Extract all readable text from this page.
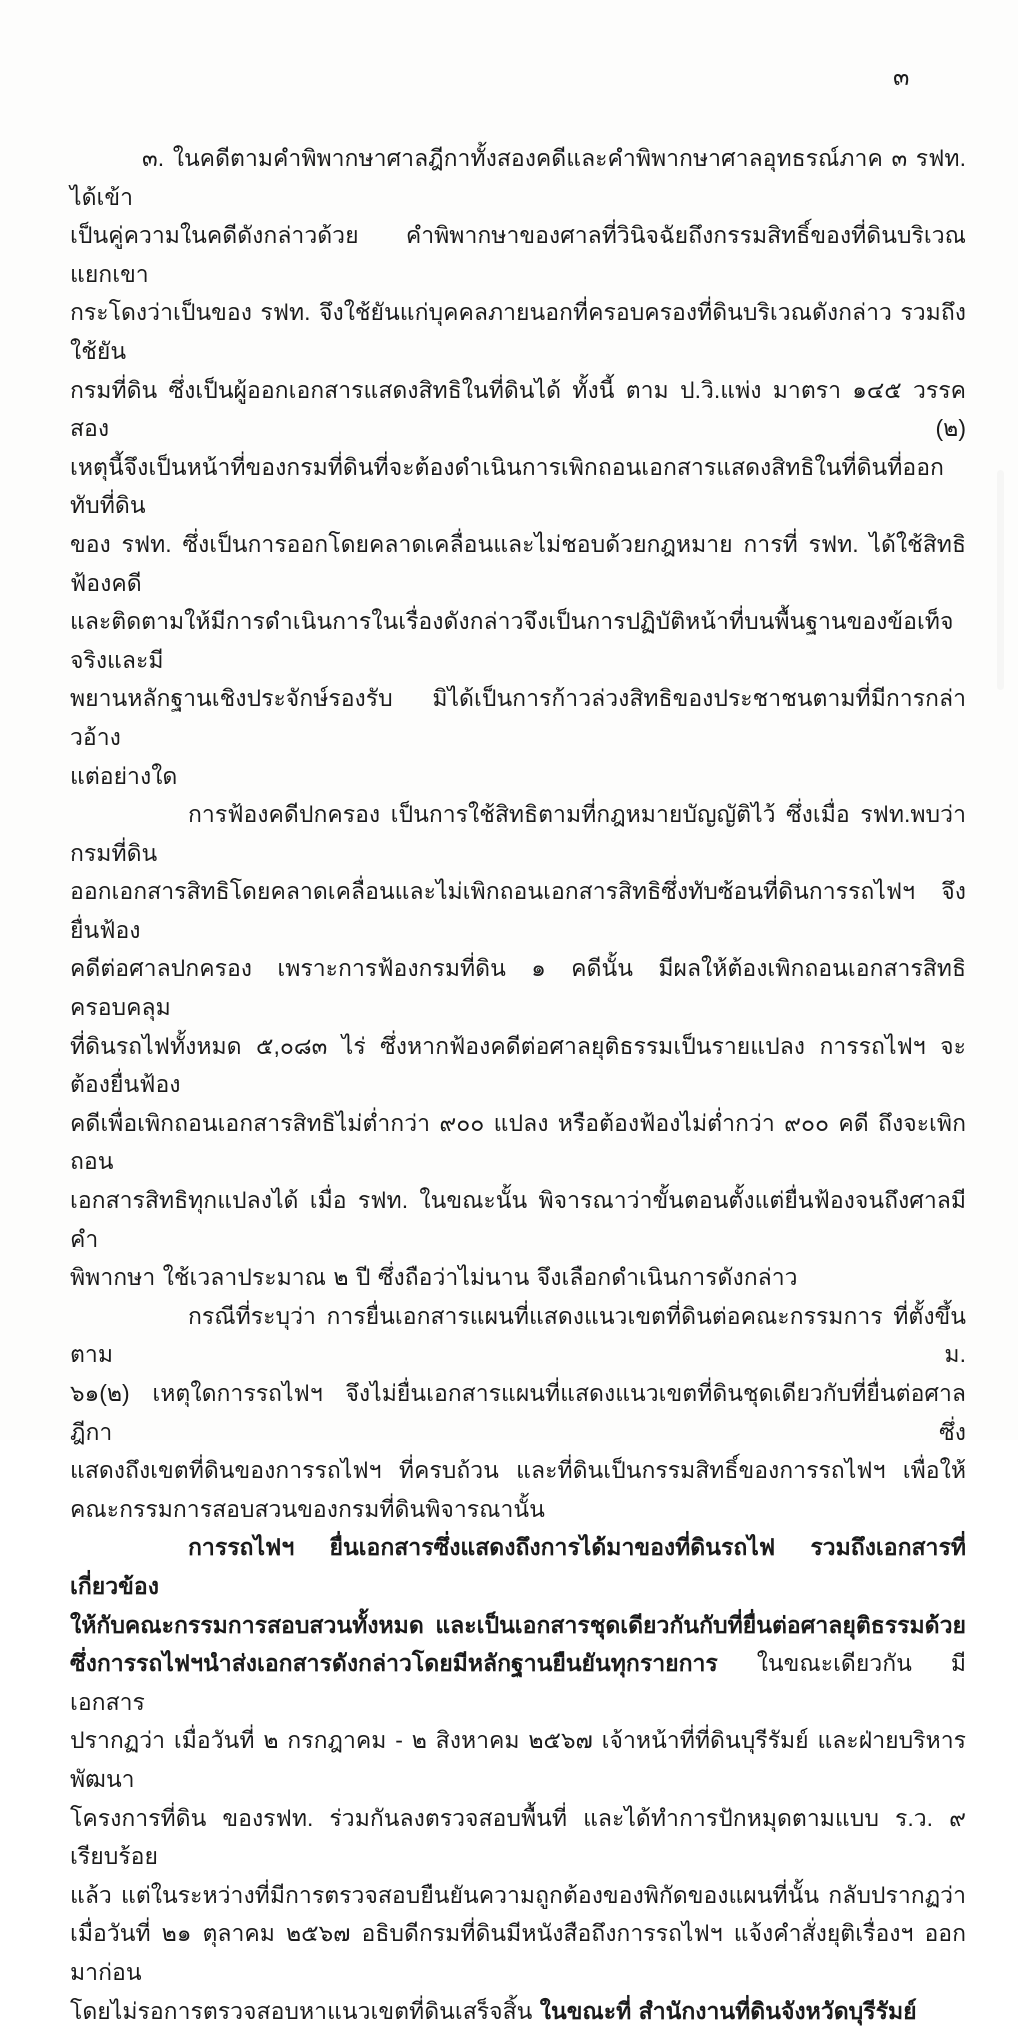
๓
๓. ในคดีตามคำพิพากษาศาลฎีกาทั้งสองคดีและคำพิพากษาศาลอุทธรณ์ภาค ๓ รฟท. ได้เข้า
เป็นคู่ความในคดีดังกล่าวด้วย คำพิพากษาของศาลที่วินิจฉัยถึงกรรมสิทธิ์ของที่ดินบริเวณแยกเขา
กระโดงว่าเป็นของ รฟท. จึงใช้ยันแก่บุคคลภายนอกที่ครอบครองที่ดินบริเวณดังกล่าว รวมถึงใช้ยัน
กรมที่ดิน ซึ่งเป็นผู้ออกเอกสารแสดงสิทธิในที่ดินได้ ทั้งนี้ ตาม ป.วิ.แพ่ง มาตรา ๑๔๕ วรรคสอง (๒)
เหตุนี้จึงเป็นหน้าที่ของกรมที่ดินที่จะต้องดำเนินการเพิกถอนเอกสารแสดงสิทธิในที่ดินที่ออกทับที่ดิน
ของ รฟท. ซึ่งเป็นการออกโดยคลาดเคลื่อนและไม่ชอบด้วยกฎหมาย การที่ รฟท. ได้ใช้สิทธิฟ้องคดี
และติดตามให้มีการดำเนินการในเรื่องดังกล่าวจึงเป็นการปฏิบัติหน้าที่บนพื้นฐานของข้อเท็จจริงและมี
พยานหลักฐานเชิงประจักษ์รองรับ มิได้เป็นการก้าวล่วงสิทธิของประชาชนตามที่มีการกล่าวอ้าง
แต่อย่างใด
การฟ้องคดีปกครอง เป็นการใช้สิทธิตามที่กฎหมายบัญญัติไว้ ซึ่งเมื่อ รฟท.พบว่ากรมที่ดิน
ออกเอกสารสิทธิโดยคลาดเคลื่อนและไม่เพิกถอนเอกสารสิทธิซึ่งทับซ้อนที่ดินการรถไฟฯ จึงยื่นฟ้อง
คดีต่อศาลปกครอง เพราะการฟ้องกรมที่ดิน ๑ คดีนั้น มีผลให้ต้องเพิกถอนเอกสารสิทธิครอบคลุม
ที่ดินรถไฟทั้งหมด ๕,๐๘๓ ไร่ ซึ่งหากฟ้องคดีต่อศาลยุติธรรมเป็นรายแปลง การรถไฟฯ จะต้องยื่นฟ้อง
คดีเพื่อเพิกถอนเอกสารสิทธิไม่ต่ำกว่า ๙๐๐ แปลง หรือต้องฟ้องไม่ต่ำกว่า ๙๐๐ คดี ถึงจะเพิกถอน
เอกสารสิทธิทุกแปลงได้ เมื่อ รฟท. ในขณะนั้น พิจารณาว่าขั้นตอนตั้งแต่ยื่นฟ้องจนถึงศาลมีคำ
พิพากษา ใช้เวลาประมาณ ๒ ปี ซึ่งถือว่าไม่นาน จึงเลือกดำเนินการดังกล่าว
กรณีที่ระบุว่า การยื่นเอกสารแผนที่แสดงแนวเขตที่ดินต่อคณะกรรมการ ที่ตั้งขึ้นตาม ม.
๖๑(๒) เหตุใดการรถไฟฯ จึงไม่ยื่นเอกสารแผนที่แสดงแนวเขตที่ดินชุดเดียวกับที่ยื่นต่อศาลฎีกา ซึ่ง
แสดงถึงเขตที่ดินของการรถไฟฯ ที่ครบถ้วน และที่ดินเป็นกรรมสิทธิ์ของการรถไฟฯ เพื่อให้
คณะกรรมการสอบสวนของกรมที่ดินพิจารณานั้น
การรถไฟฯ ยื่นเอกสารซึ่งแสดงถึงการได้มาของที่ดินรถไฟ รวมถึงเอกสารที่เกี่ยวข้อง
ให้กับคณะกรรมการสอบสวนทั้งหมด และเป็นเอกสารชุดเดียวกันกับที่ยื่นต่อศาลยุติธรรมด้วย
ซึ่งการรถไฟฯนำส่งเอกสารดังกล่าวโดยมีหลักฐานยืนยันทุกรายการ ในขณะเดียวกัน มีเอกสาร
ปรากฏว่า เมื่อวันที่ ๒ กรกฎาคม - ๒ สิงหาคม ๒๕๖๗ เจ้าหน้าที่ที่ดินบุรีรัมย์ และฝ่ายบริหารพัฒนา
โครงการที่ดิน ของรฟท. ร่วมกันลงตรวจสอบพื้นที่ และได้ทำการปักหมุดตามแบบ ร.ว. ๙ เรียบร้อย
แล้ว แต่ในระหว่างที่มีการตรวจสอบยืนยันความถูกต้องของพิกัดของแผนที่นั้น กลับปรากฏว่า
เมื่อวันที่ ๒๑ ตุลาคม ๒๕๖๗ อธิบดีกรมที่ดินมีหนังสือถึงการรถไฟฯ แจ้งคำสั่งยุติเรื่องฯ ออกมาก่อน
โดยไม่รอการตรวจสอบหาแนวเขตที่ดินเสร็จสิ้น ในขณะที่ สำนักงานที่ดินจังหวัดบุรีรัมย์
